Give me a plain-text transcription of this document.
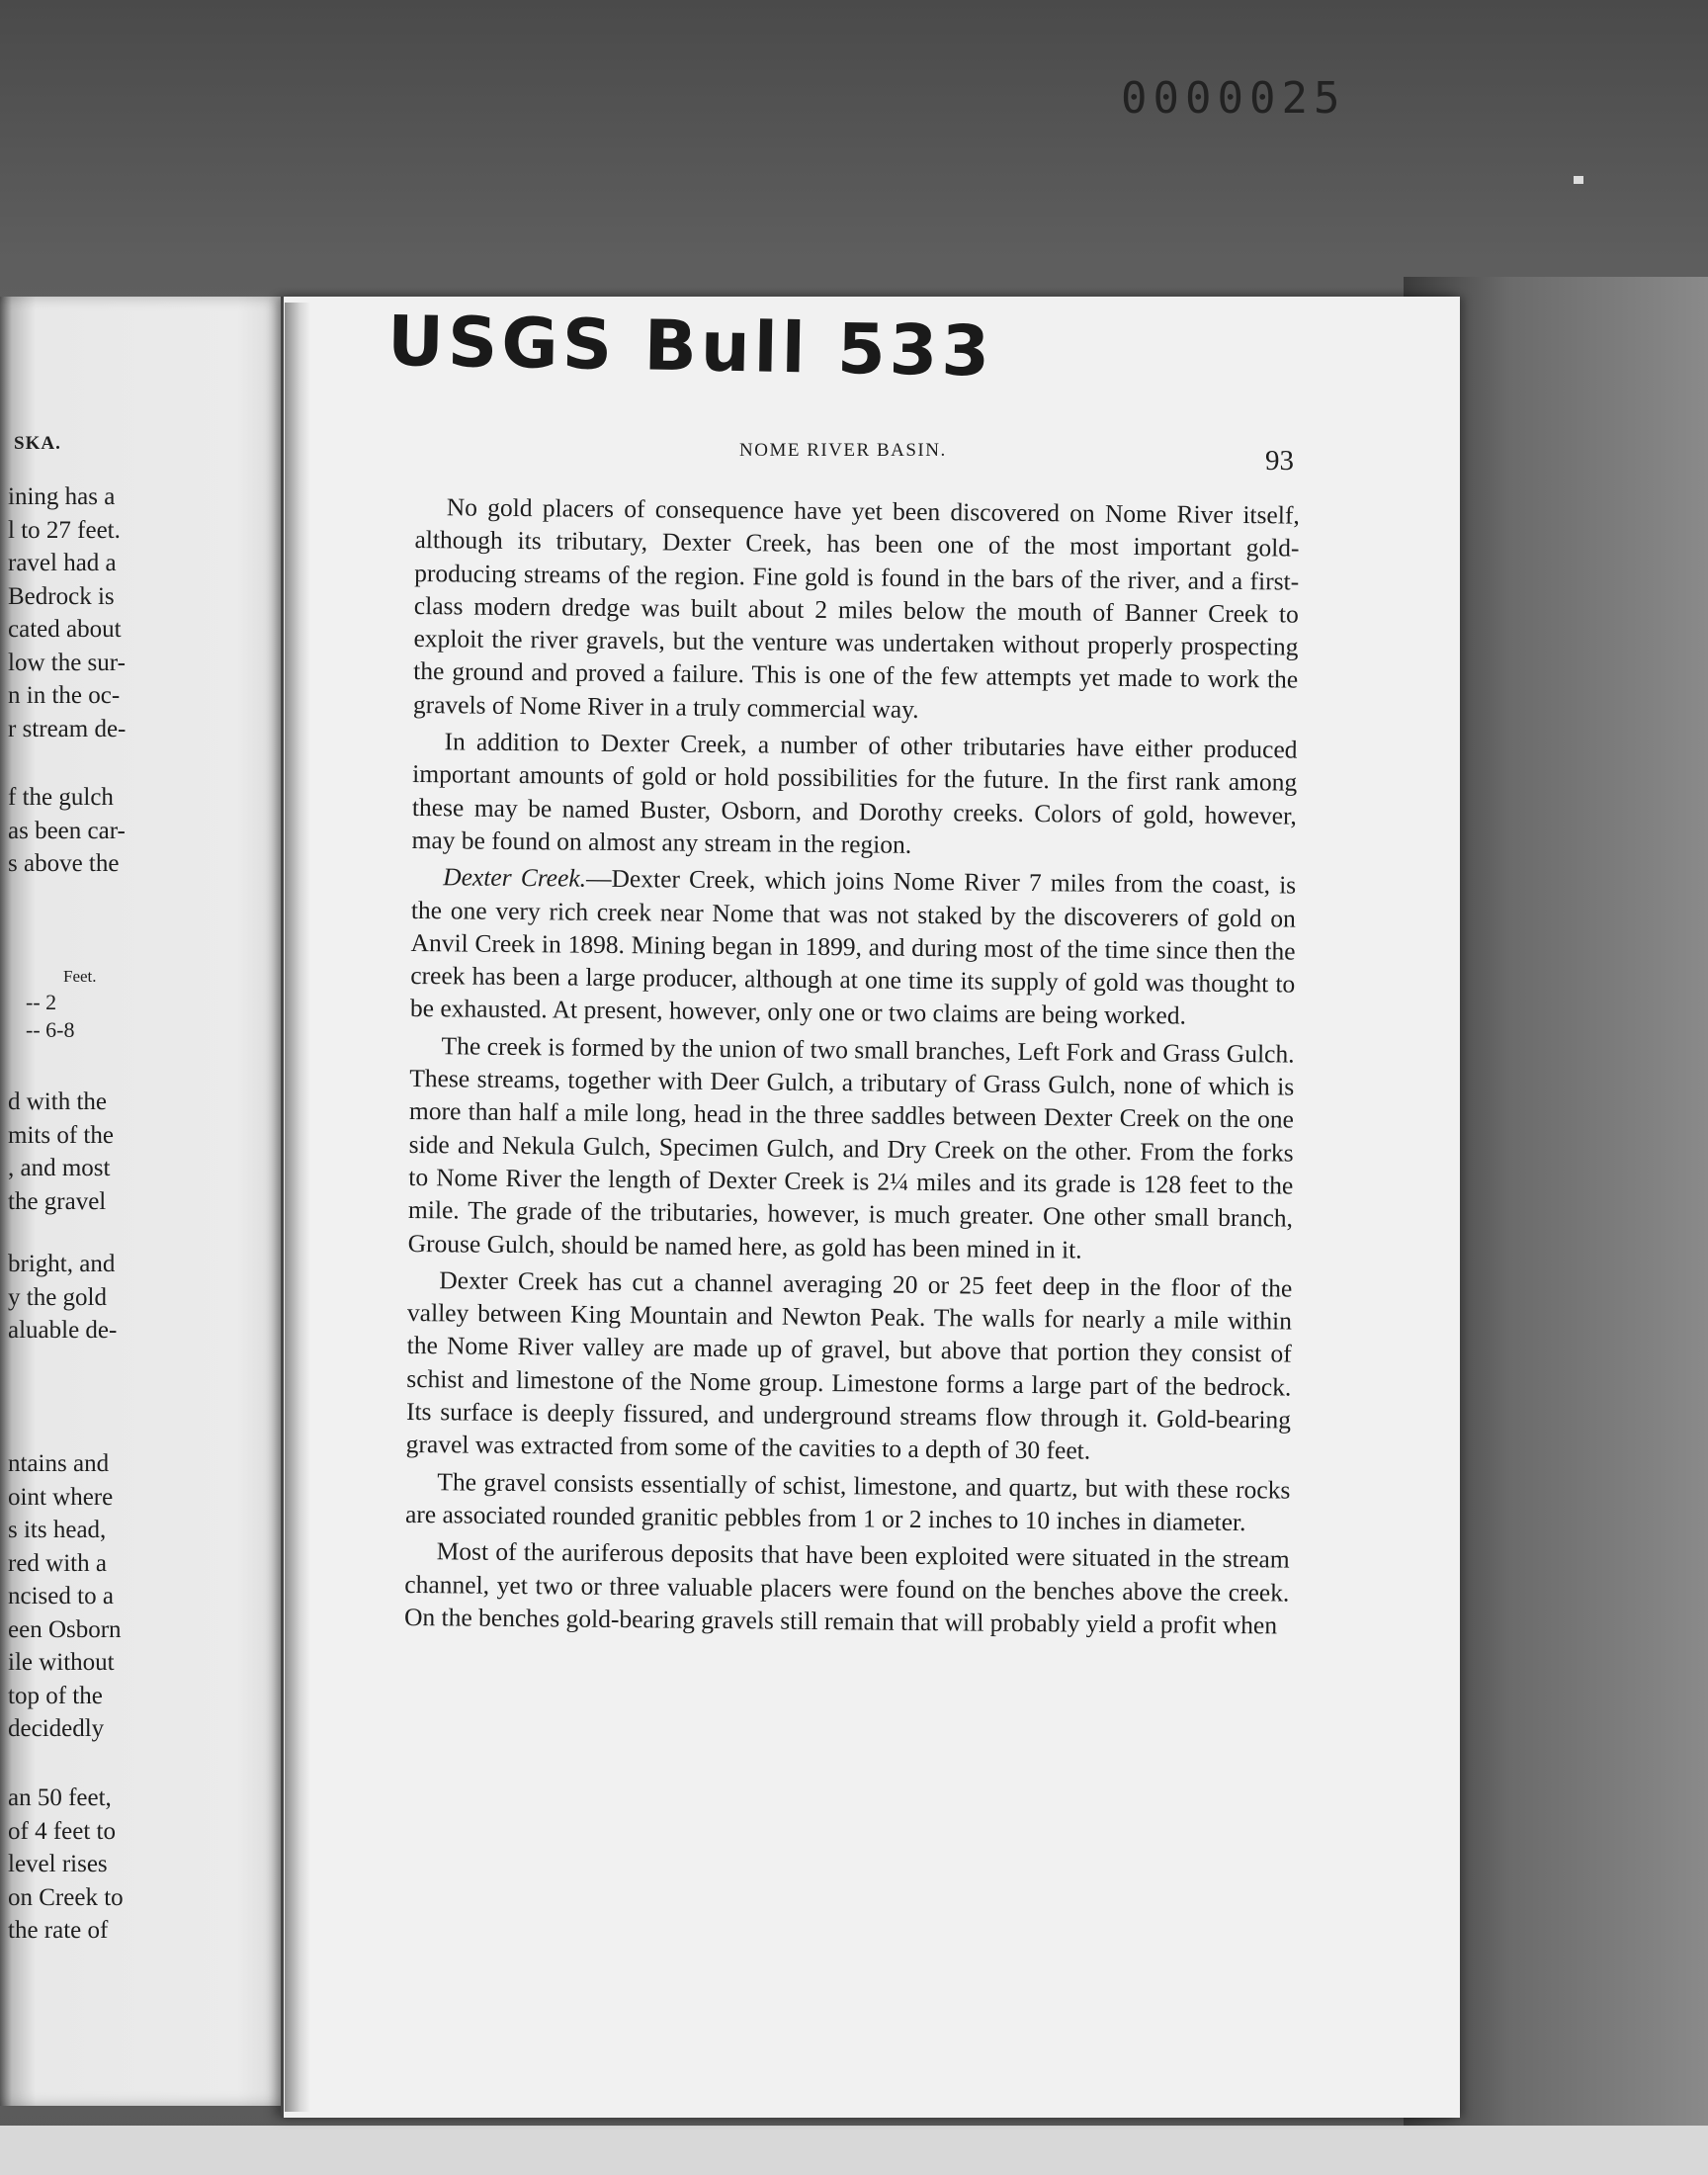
0000025
SKA.
ining has a
l to 27 feet.
ravel had a
Bedrock is
cated about
low the sur-
n in the oc-
r stream de-
f the gulch
as been car-
s above the
Feet.
-- 2
-- 6-8
d with the
mits of the
, and most
the gravel
bright, and
y the gold
aluable de-
ntains and
oint where
s its head,
red with a
ncised to a
een Osborn
ile without
top of the
decidedly
an 50 feet,
of 4 feet to
level rises
on Creek to
the rate of
USGS Bull 533
NOME RIVER BASIN.	93

No gold placers of consequence have yet been discovered on Nome River itself, although its tributary, Dexter Creek, has been one of the most important gold-producing streams of the region. Fine gold is found in the bars of the river, and a first-class modern dredge was built about 2 miles below the mouth of Banner Creek to exploit the river gravels, but the venture was undertaken without properly prospecting the ground and proved a failure. This is one of the few attempts yet made to work the gravels of Nome River in a truly commercial way.

In addition to Dexter Creek, a number of other tributaries have either produced important amounts of gold or hold possibilities for the future. In the first rank among these may be named Buster, Osborn, and Dorothy creeks. Colors of gold, however, may be found on almost any stream in the region.

Dexter Creek.—Dexter Creek, which joins Nome River 7 miles from the coast, is the one very rich creek near Nome that was not staked by the discoverers of gold on Anvil Creek in 1898. Mining began in 1899, and during most of the time since then the creek has been a large producer, although at one time its supply of gold was thought to be exhausted. At present, however, only one or two claims are being worked.

The creek is formed by the union of two small branches, Left Fork and Grass Gulch. These streams, together with Deer Gulch, a tributary of Grass Gulch, none of which is more than half a mile long, head in the three saddles between Dexter Creek on the one side and Nekula Gulch, Specimen Gulch, and Dry Creek on the other. From the forks to Nome River the length of Dexter Creek is 2¼ miles and its grade is 128 feet to the mile. The grade of the tributaries, however, is much greater. One other small branch, Grouse Gulch, should be named here, as gold has been mined in it.

Dexter Creek has cut a channel averaging 20 or 25 feet deep in the floor of the valley between King Mountain and Newton Peak. The walls for nearly a mile within the Nome River valley are made up of gravel, but above that portion they consist of schist and limestone of the Nome group. Limestone forms a large part of the bedrock. Its surface is deeply fissured, and underground streams flow through it. Gold-bearing gravel was extracted from some of the cavities to a depth of 30 feet.

The gravel consists essentially of schist, limestone, and quartz, but with these rocks are associated rounded granitic pebbles from 1 or 2 inches to 10 inches in diameter.

Most of the auriferous deposits that have been exploited were situated in the stream channel, yet two or three valuable placers were found on the benches above the creek. On the benches gold-bearing gravels still remain that will probably yield a profit when
